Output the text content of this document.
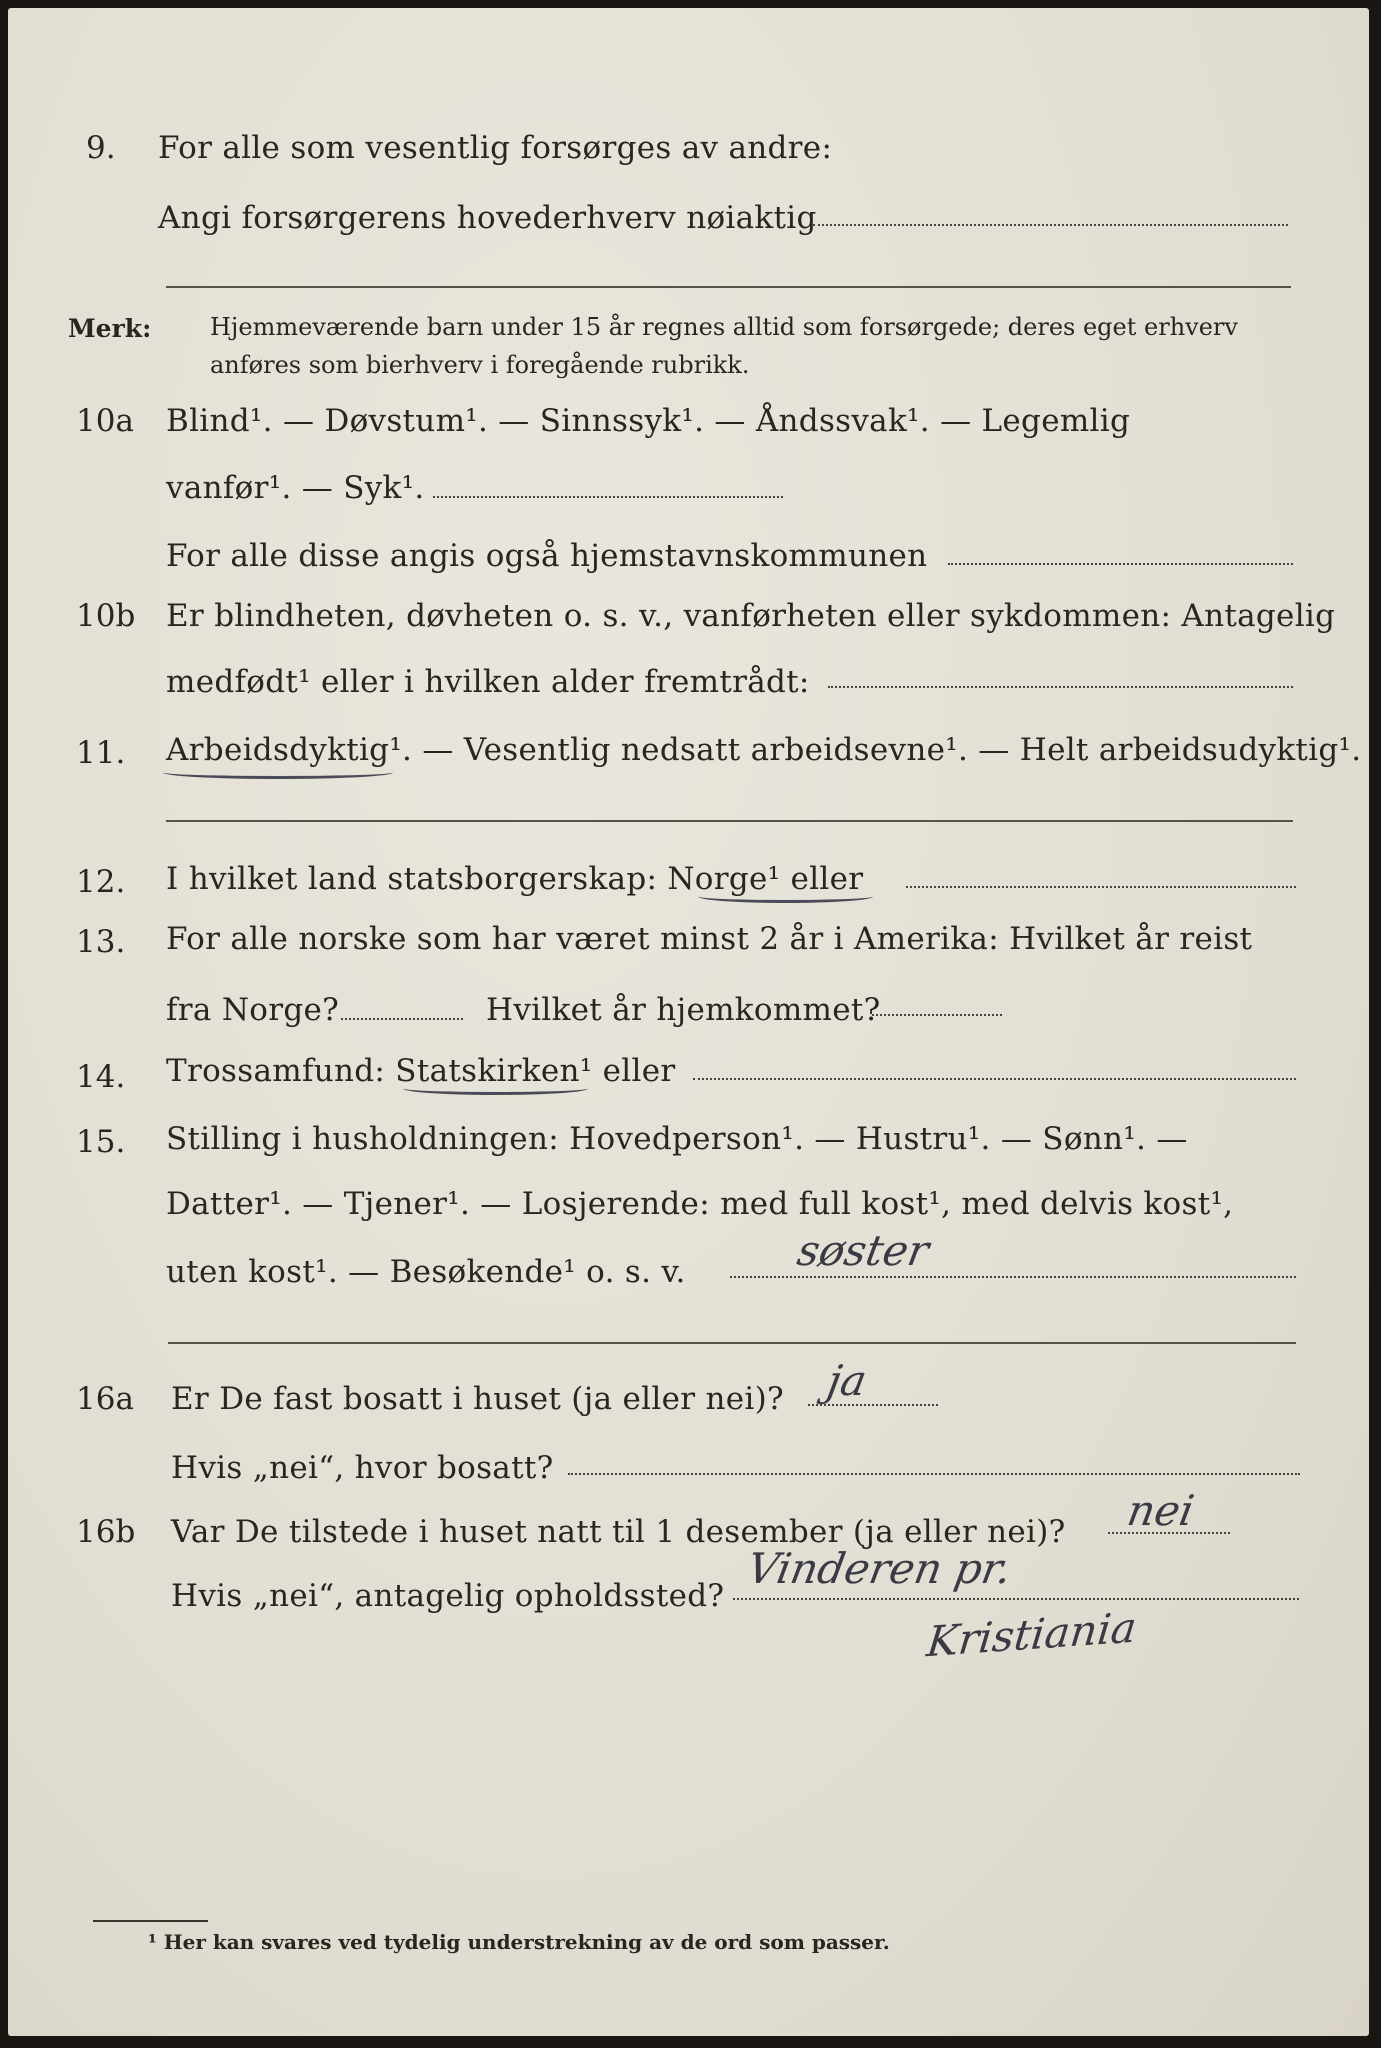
9. For alle som vesentlig forsørges av andre:
Angi forsørgerens hovederhverv nøiaktig
Merk: Hjemmeværende barn under 15 år regnes alltid som forsørgede; deres eget erhverv
anføres som bierhverv i foregående rubrikk.
10a Blind¹. — Døvstum¹. — Sinnssyk¹. — Åndssvak¹. — Legemlig
vanfør¹. — Syk¹.
For alle disse angis også hjemstavnskommunen
10b Er blindheten, døvheten o. s. v., vanførheten eller sykdommen: Antagelig
medfødt¹ eller i hvilken alder fremtrådt:
11. Arbeidsdyktig¹. — Vesentlig nedsatt arbeidsevne¹. — Helt arbeidsudyktig¹.
12. I hvilket land statsborgerskap: Norge¹ eller
13. For alle norske som har været minst 2 år i Amerika: Hvilket år reist
fra Norge?	Hvilket år hjemkommet?
14. Trossamfund: Statskirken¹ eller
15. Stilling i husholdningen: Hovedperson¹. — Hustru¹. — Sønn¹. —
Datter¹. — Tjener¹. — Losjerende: med full kost¹, med delvis kost¹,
uten kost¹. — Besøkende¹ o. s. v.	søster
16a Er De fast bosatt i huset (ja eller nei)? ja
Hvis „nei“, hvor bosatt?
16b Var De tilstede i huset natt til 1 desember (ja eller nei)? nei
Hvis „nei“, antagelig opholdssted?
Vinderen pr.
Kristiania
¹ Her kan svares ved tydelig understrekning av de ord som passer.
